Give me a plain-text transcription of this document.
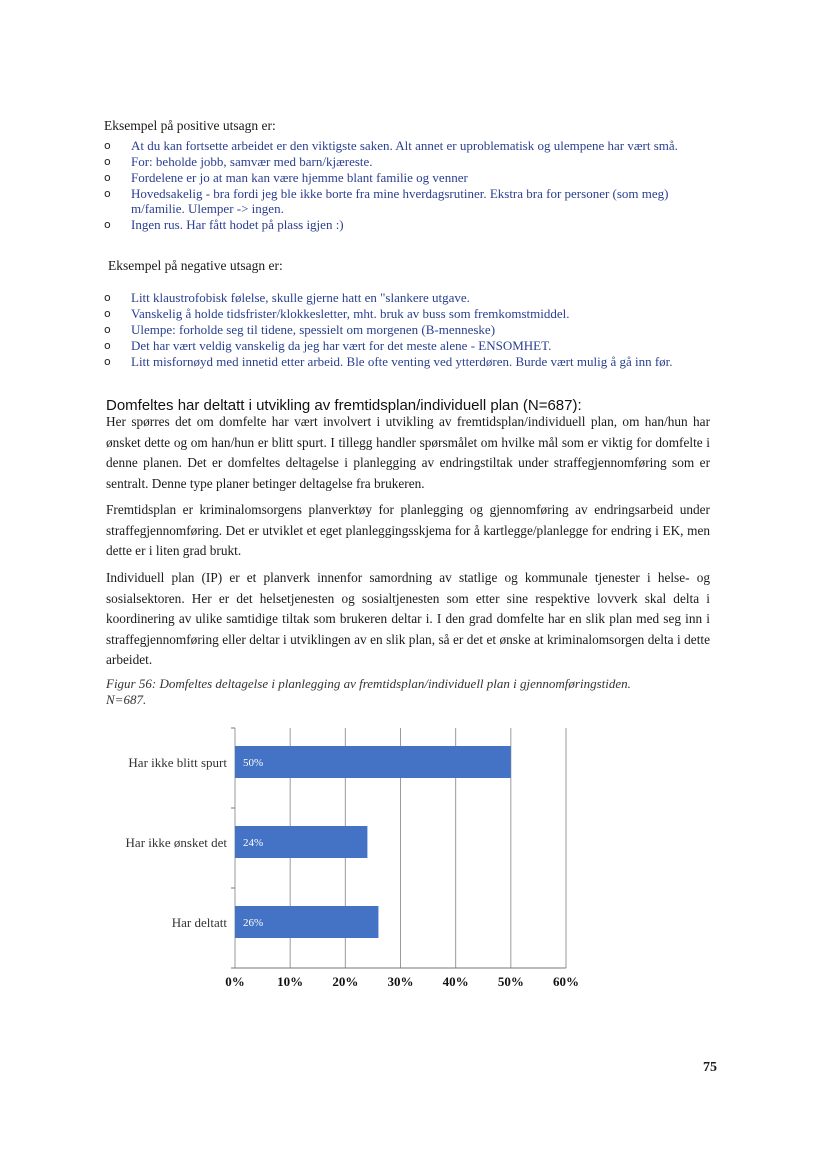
Eksempel på positive utsagn er:
o At du kan fortsette arbeidet er den viktigste saken. Alt annet er uproblematisk og ulempene har vært små.
o For: beholde jobb, samvær med barn/kjæreste.
o Fordelene er jo at man kan være hjemme blant familie og venner
o Hovedsakelig - bra fordi jeg ble ikke borte fra mine hverdagsrutiner. Ekstra bra for personer (som meg) m/familie. Ulemper -> ingen.
o Ingen rus. Har fått hodet på plass igjen :)
Eksempel på negative utsagn er:
o Litt klaustrofobisk følelse, skulle gjerne hatt en "slankere utgave.
o Vanskelig å holde tidsfrister/klokkesletter, mht. bruk av buss som fremkomstmiddel.
o Ulempe: forholde seg til tidene, spessielt om morgenen (B-menneske)
o Det har vært veldig vanskelig da jeg har vært for det meste alene - ENSOMHET.
o Litt misfornøyd med innetid etter arbeid. Ble ofte venting ved ytterdøren. Burde vært mulig å gå inn før.
Domfeltes har deltatt i utvikling av fremtidsplan/individuell plan (N=687):

Her spørres det om domfelte har vært involvert i utvikling av fremtidsplan/individuell plan, om han/hun har ønsket dette og om han/hun er blitt spurt. I tillegg handler spørsmålet om hvilke mål som er viktig for domfelte i denne planen. Det er domfeltes deltagelse i planlegging av endringstiltak under straffegjennomføring som er sentralt. Denne type planer betinger deltagelse fra brukeren.

Fremtidsplan er kriminalomsorgens planverktøy for planlegging og gjennomføring av endringsarbeid under straffegjennomføring. Det er utviklet et eget planleggingsskjema for å kartlegge/planlegge for endring i EK, men dette er i liten grad brukt.

Individuell plan (IP) er et planverk innenfor samordning av statlige og kommunale tjenester i helse- og sosialsektoren. Her er det helsetjenesten og sosialtjenesten som etter sine respektive lovverk skal delta i koordinering av ulike samtidige tiltak som brukeren deltar i. I den grad domfelte har en slik plan med seg inn i straffegjennomføring eller deltar i utviklingen av en slik plan, så er det et ønske at kriminalomsorgen delta i dette arbeidet.

Figur 56: Domfeltes deltagelse i planlegging av fremtidsplan/individuell plan i gjennomføringstiden.
N=687.
0% 10% 20% 30% 40% 50% 60%
50%
Har ikke blitt spurt
24%
Har ikke ønsket det
26%
Har deltatt
75
